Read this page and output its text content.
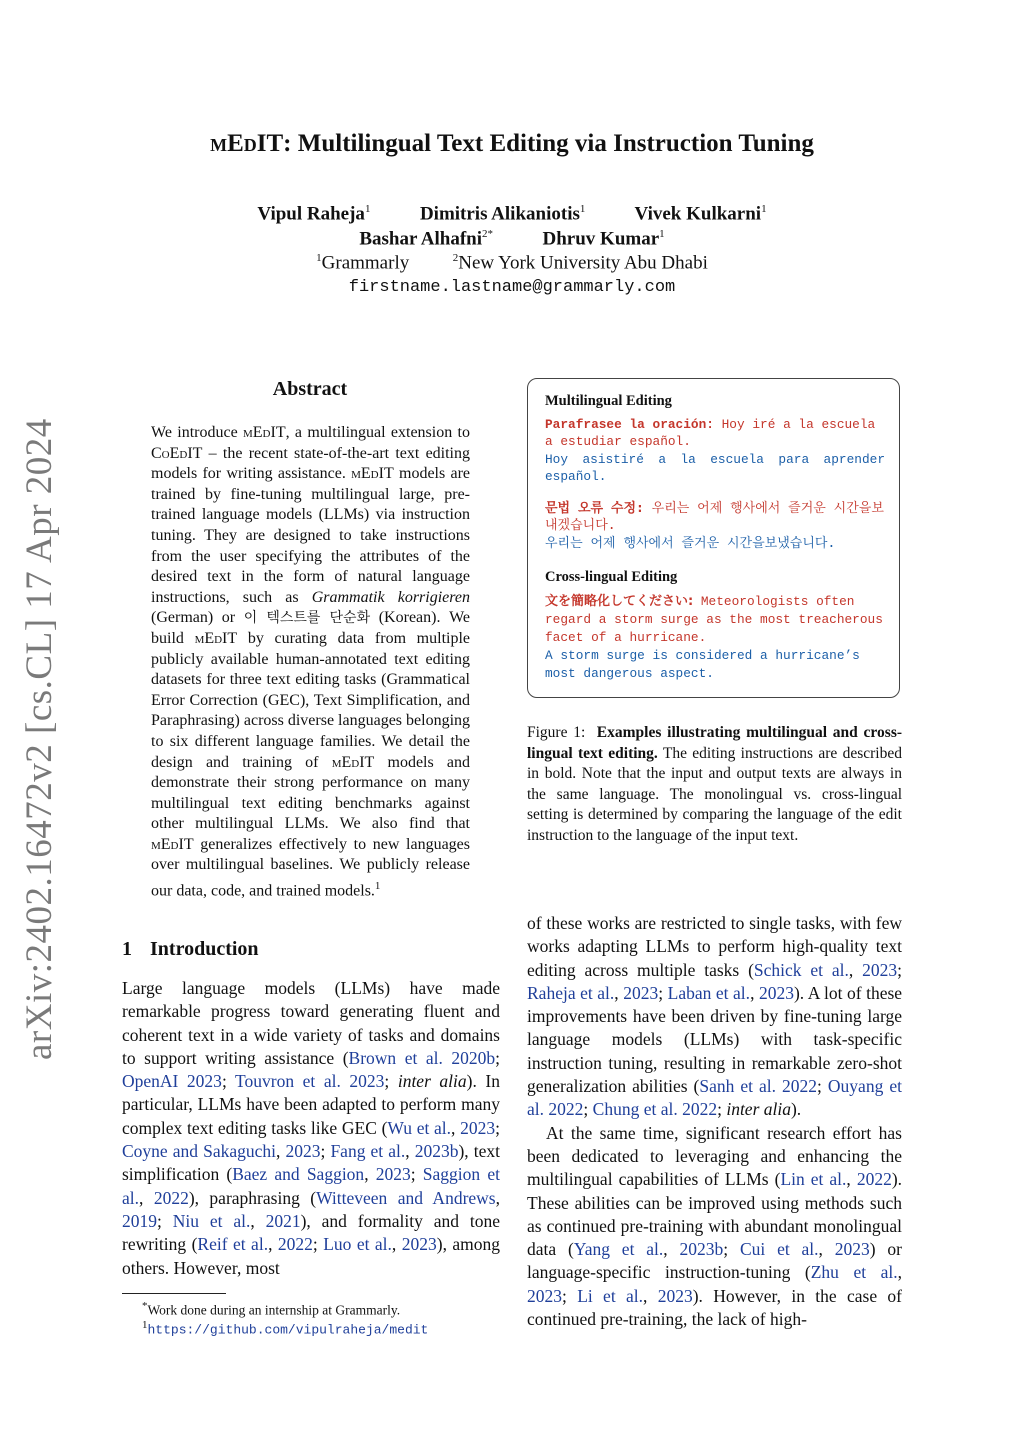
arXiv:2402.16472v2 [cs.CL] 17 Apr 2024
mEdIT: Multilingual Text Editing via Instruction Tuning
Vipul Raheja$^1$	Dimitris Alikaniotis$^1$	Vivek Kulkarni$^1$
Bashar Alhafni$^{2*}$	Dhruv Kumar$^1$
$^1$Grammarly	$^2$New York University Abu Dhabi
firstname.lastname@grammarly.com
Abstract
We introduce mEdIT, a multilingual extension to CoEdIT – the recent state-of-the-art text editing models for writing assistance. mEdIT models are trained by fine-tuning multilingual large, pre-trained language models (LLMs) via instruction tuning. They are designed to take instructions from the user specifying the attributes of the desired text in the form of natural language instructions, such as Grammatik korrigieren (German) or 이 텍스트를 단순화 (Korean). We build mEdIT by curating data from multiple publicly available human-annotated text editing datasets for three text editing tasks (Grammatical Error Correction (GEC), Text Simplification, and Paraphrasing) across diverse languages belonging to six different language families. We detail the design and training of mEdIT models and demonstrate their strong performance on many multilingual text editing benchmarks against other multilingual LLMs. We also find that mEdIT generalizes effectively to new languages over multilingual baselines. We publicly release our data, code, and trained models.$^1$
1 Introduction
Large language models (LLMs) have made remarkable progress toward generating fluent and coherent text in a wide variety of tasks and domains to support writing assistance (Brown et al. 2020b; OpenAI 2023; Touvron et al. 2023; inter alia). In particular, LLMs have been adapted to perform many complex text editing tasks like GEC (Wu et al., 2023; Coyne and Sakaguchi, 2023; Fang et al., 2023b), text simplification (Baez and Saggion, 2023; Saggion et al., 2022), paraphrasing (Witteveen and Andrews, 2019; Niu et al., 2021), and formality and tone rewriting (Reif et al., 2022; Luo et al., 2023), among others. However, most
*Work done during an internship at Grammarly.
$^1$https://github.com/vipulraheja/medit
Multilingual Editing
Parafrasee la oración: Hoy iré a la escuela a estudiar español.

Hoy asistiré a la escuela para aprender español.
문법 오류 수정: 우리는 어제 행사에서 즐거운 시간을보내겠습니다.
우리는 어제 행사에서 즐거운 시간을보냈습니다.
Cross-lingual Editing
文を簡略化してください: Meteorologists often regard a storm surge as the most treacherous facet of a hurricane.
A storm surge is considered a hurricane’s most dangerous aspect.
Figure 1: Examples illustrating multilingual and cross-lingual text editing. The editing instructions are described in bold. Note that the input and output texts are always in the same language. The monolingual vs. cross-lingual setting is determined by comparing the language of the edit instruction to the language of the input text.

of these works are restricted to single tasks, with few works adapting LLMs to perform high-quality text editing across multiple tasks (Schick et al., 2023; Raheja et al., 2023; Laban et al., 2023). A lot of these improvements have been driven by fine-tuning large language models (LLMs) with task-specific instruction tuning, resulting in remarkable zero-shot generalization abilities (Sanh et al. 2022; Ouyang et al. 2022; Chung et al. 2022; inter alia).

At the same time, significant research effort has been dedicated to leveraging and enhancing the multilingual capabilities of LLMs (Lin et al., 2022). These abilities can be improved using methods such as continued pre-training with abundant monolingual data (Yang et al., 2023b; Cui et al., 2023) or language-specific instruction-tuning (Zhu et al., 2023; Li et al., 2023). However, in the case of continued pre-training, the lack of high-
